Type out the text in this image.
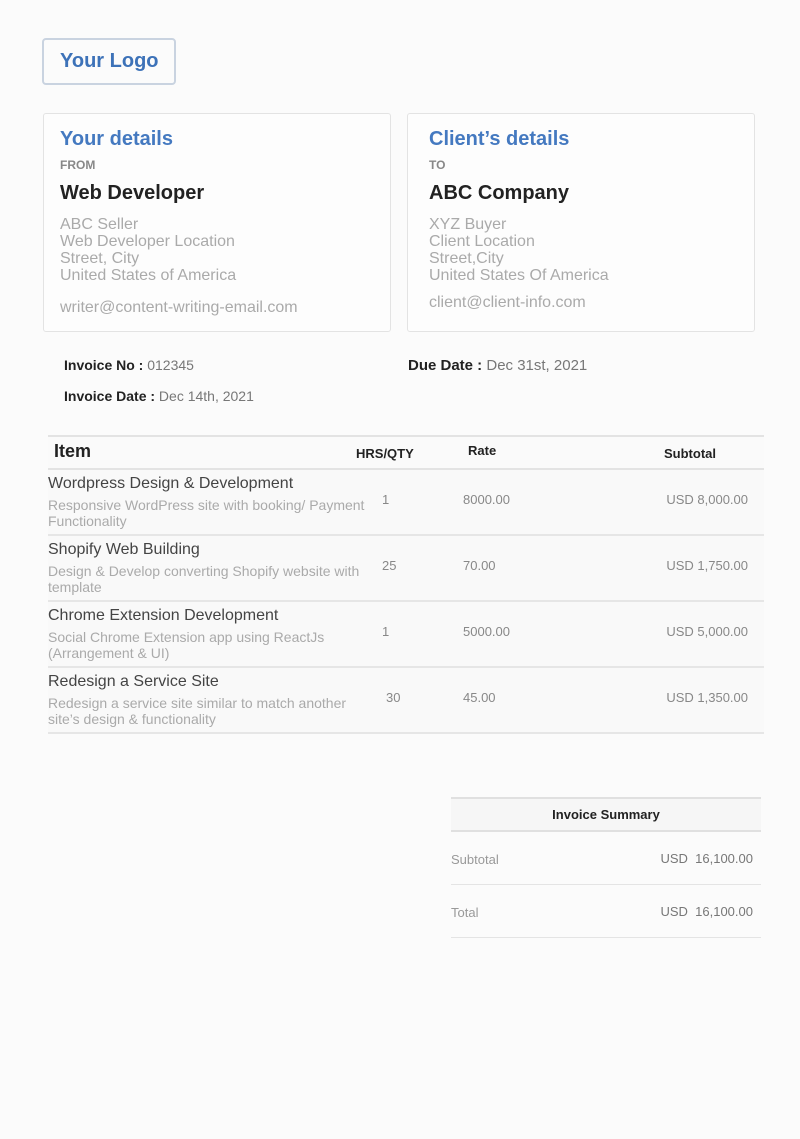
Your Logo
Your details
FROM
Web Developer
ABC Seller
Web Developer Location
Street, City
United States of America
writer@content-writing-email.com
Client’s details
TO
ABC Company
XYZ Buyer
Client Location
Street,City
United States Of America
client@client-info.com
Invoice No : 012345	Due Date : Dec 31st, 2021
Invoice Date : Dec 14th, 2021
Item	HRS/QTY	Rate	Subtotal
Wordpress Design & Development
Responsive WordPress site with booking/ Payment Functionality
1	8000.00	USD 8,000.00
Shopify Web Building
Design & Develop converting Shopify website with template
25	70.00	USD 1,750.00
Chrome Extension Development
Social Chrome Extension app using ReactJs (Arrangement & UI)
1	5000.00	USD 5,000.00
Redesign a Service Site
Redesign a service site similar to match another site’s design & functionality
30	45.00	USD 1,350.00
Invoice Summary
Subtotal	USD  16,100.00
Total	USD  16,100.00
